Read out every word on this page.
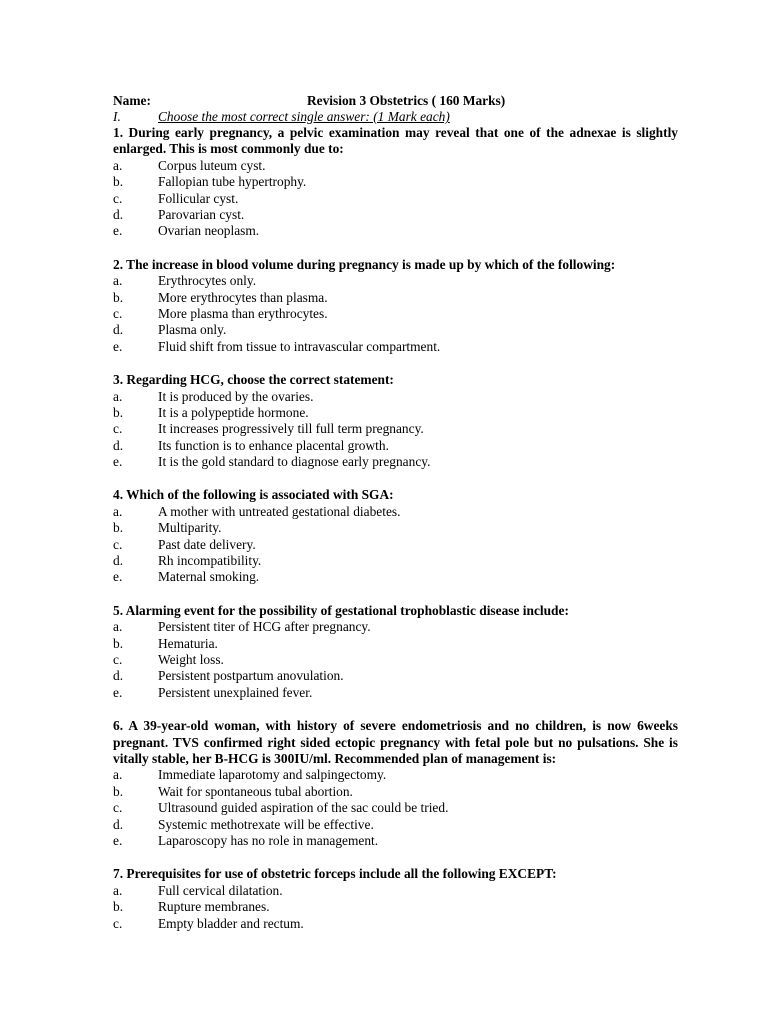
Name:	Revision 3 Obstetrics ( 160 Marks)
I.	Choose the most correct single answer: (1 Mark each)
1. During early pregnancy, a pelvic examination may reveal that one of the adnexae is slightly enlarged. This is most commonly due to:
a.	Corpus luteum cyst.
b.	Fallopian tube hypertrophy.
c.	Follicular cyst.
d.	Parovarian cyst.
e.	Ovarian neoplasm.
2. The increase in blood volume during pregnancy is made up by which of the following:
a.	Erythrocytes only.
b.	More erythrocytes than plasma.
c.	More plasma than erythrocytes.
d.	Plasma only.
e.	Fluid shift from tissue to intravascular compartment.
3. Regarding HCG, choose the correct statement:
a.	It is produced by the ovaries.
b.	It is a polypeptide hormone.
c.	It increases progressively till full term pregnancy.
d.	Its function is to enhance placental growth.
e.	It is the gold standard to diagnose early pregnancy.
4. Which of the following is associated with SGA:
a.	A mother with untreated gestational diabetes.
b.	Multiparity.
c.	Past date delivery.
d.	Rh incompatibility.
e.	Maternal smoking.
5. Alarming event for the possibility of gestational trophoblastic disease include:
a.	Persistent titer of HCG after pregnancy.
b.	Hematuria.
c.	Weight loss.
d.	Persistent postpartum anovulation.
e.	Persistent unexplained fever.
6. A 39-year-old woman, with history of severe endometriosis and no children, is now 6weeks pregnant. TVS confirmed right sided ectopic pregnancy with fetal pole but no pulsations. She is vitally stable, her B-HCG is 300IU/ml. Recommended plan of management is:
a.	Immediate laparotomy and salpingectomy.
b.	Wait for spontaneous tubal abortion.
c.	Ultrasound guided aspiration of the sac could be tried.
d.	Systemic methotrexate will be effective.
e.	Laparoscopy has no role in management.
7. Prerequisites for use of obstetric forceps include all the following EXCEPT:
a.	Full cervical dilatation.
b.	Rupture membranes.
c.	Empty bladder and rectum.
